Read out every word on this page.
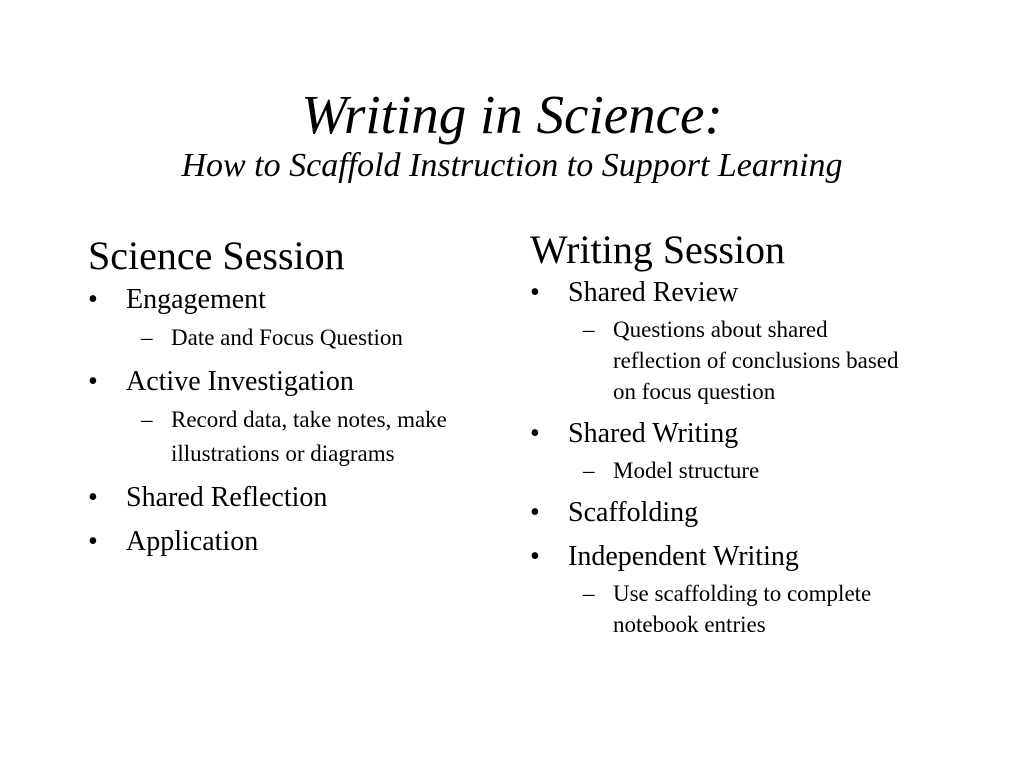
Writing in Science:
How to Scaffold Instruction to Support Learning
Science Session
• Engagement
– Date and Focus Question
• Active Investigation
– Record data, take notes, make illustrations or diagrams
• Shared Reflection
• Application
Writing Session
• Shared Review
– Questions about shared reflection of conclusions based on focus question
• Shared Writing
– Model structure
• Scaffolding
• Independent Writing
– Use scaffolding to complete notebook entries
